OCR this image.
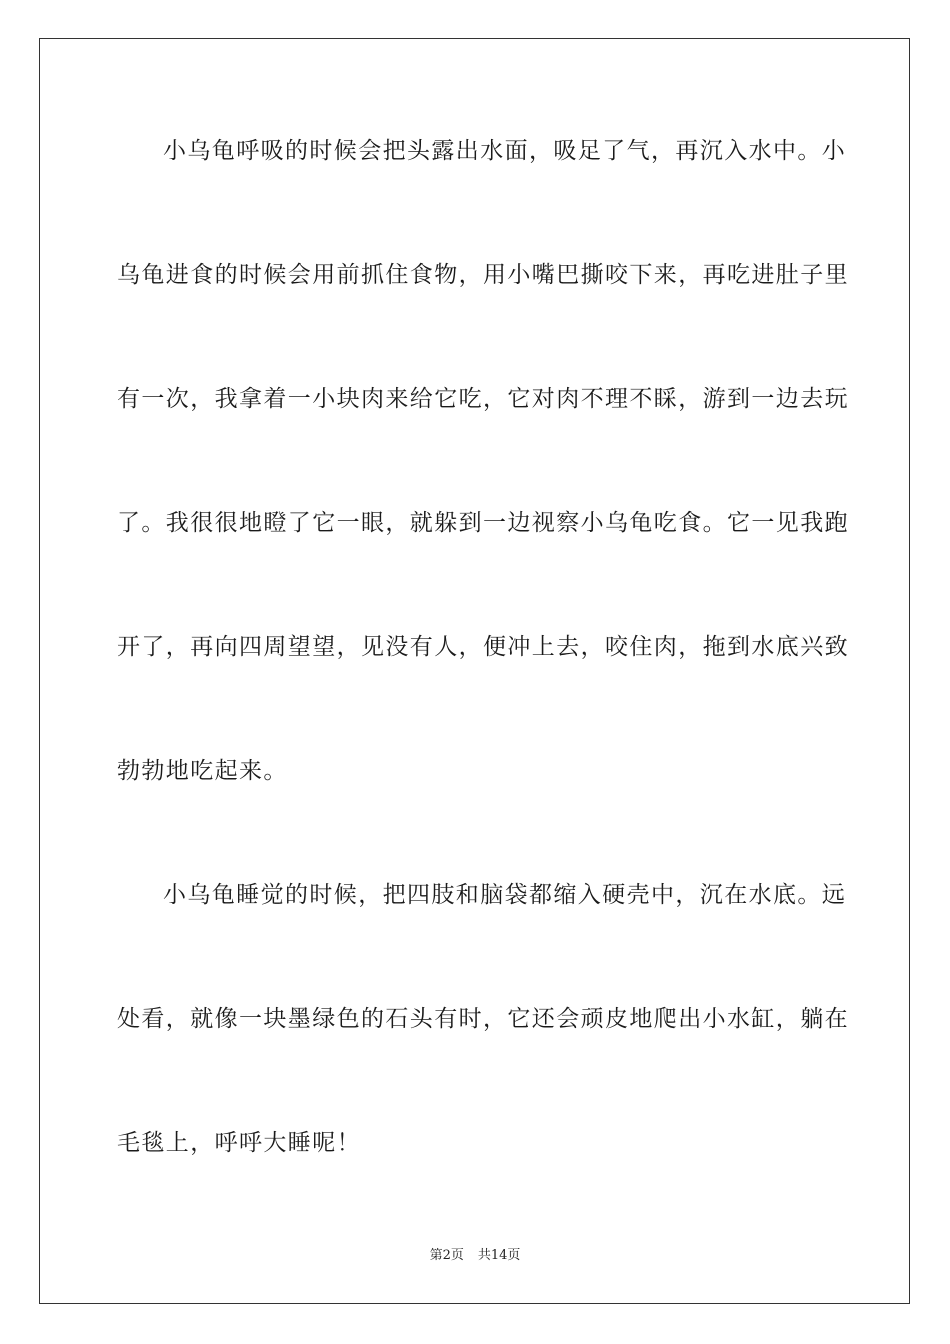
小乌龟呼吸的时候会把头露出水面，吸足了气，再沉入水中。小
乌龟进食的时候会用前抓住食物，用小嘴巴撕咬下来，再吃进肚子里
有一次，我拿着一小块肉来给它吃，它对肉不理不睬，游到一边去玩
了。我很很地瞪了它一眼，就躲到一边视察小乌龟吃食。它一见我跑
开了，再向四周望望，见没有人，便冲上去，咬住肉，拖到水底兴致
勃勃地吃起来。
小乌龟睡觉的时候，把四肢和脑袋都缩入硬壳中，沉在水底。远
处看，就像一块墨绿色的石头有时，它还会顽皮地爬出小水缸，躺在
毛毯上，呼呼大睡呢！
第2页 共14页
